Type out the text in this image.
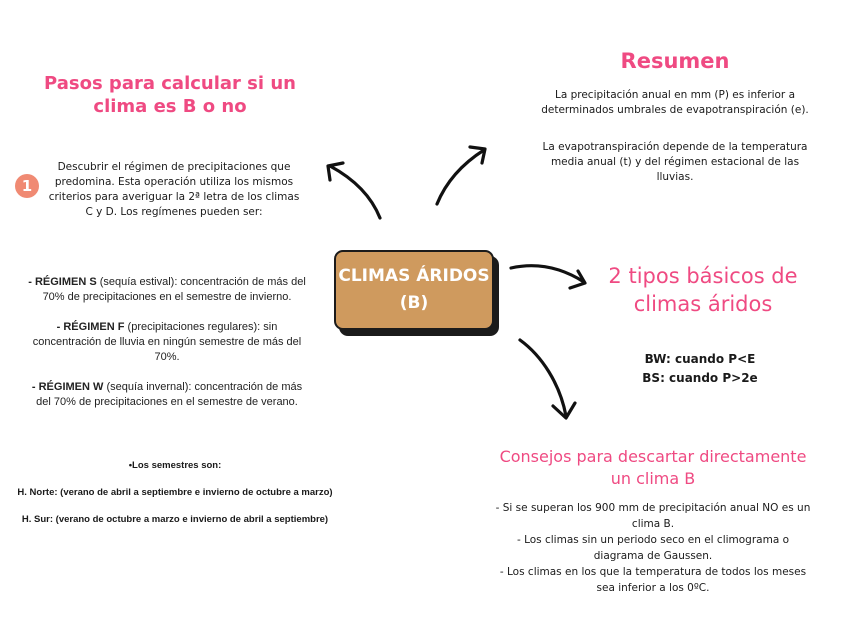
CLIMAS ÁRIDOS
(B)
Pasos para calcular si un
clima es B o no
1
Descubrir el régimen de precipitaciones que
predomina. Esta operación utiliza los mismos
criterios para averiguar la 2ª letra de los climas
C y D. Los regímenes pueden ser:
- RÉGIMEN S (sequía estival): concentración de más del
70% de precipitaciones en el semestre de invierno.
- RÉGIMEN F (precipitaciones regulares): sin
concentración de lluvia en ningún semestre de más del
70%.
- RÉGIMEN W (sequía invernal): concentración de más
del 70% de precipitaciones en el semestre de verano.
•Los semestres son:
H. Norte: (verano de abril a septiembre e invierno de octubre a marzo)
H. Sur: (verano de octubre a marzo e invierno de abril a septiembre)
Resumen
La precipitación anual en mm (P) es inferior a
determinados umbrales de evapotranspiración (e).
La evapotranspiración depende de la temperatura
media anual (t) y del régimen estacional de las
lluvias.
2 tipos básicos de
climas áridos
BW: cuando P<E
BS: cuando P>2e
Consejos para descartar directamente
un clima B
- Si se superan los 900 mm de precipitación anual NO es un
clima B.
- Los climas sin un periodo seco en el climograma o
diagrama de Gaussen.
- Los climas en los que la temperatura de todos los meses
sea inferior a los 0ºC.
